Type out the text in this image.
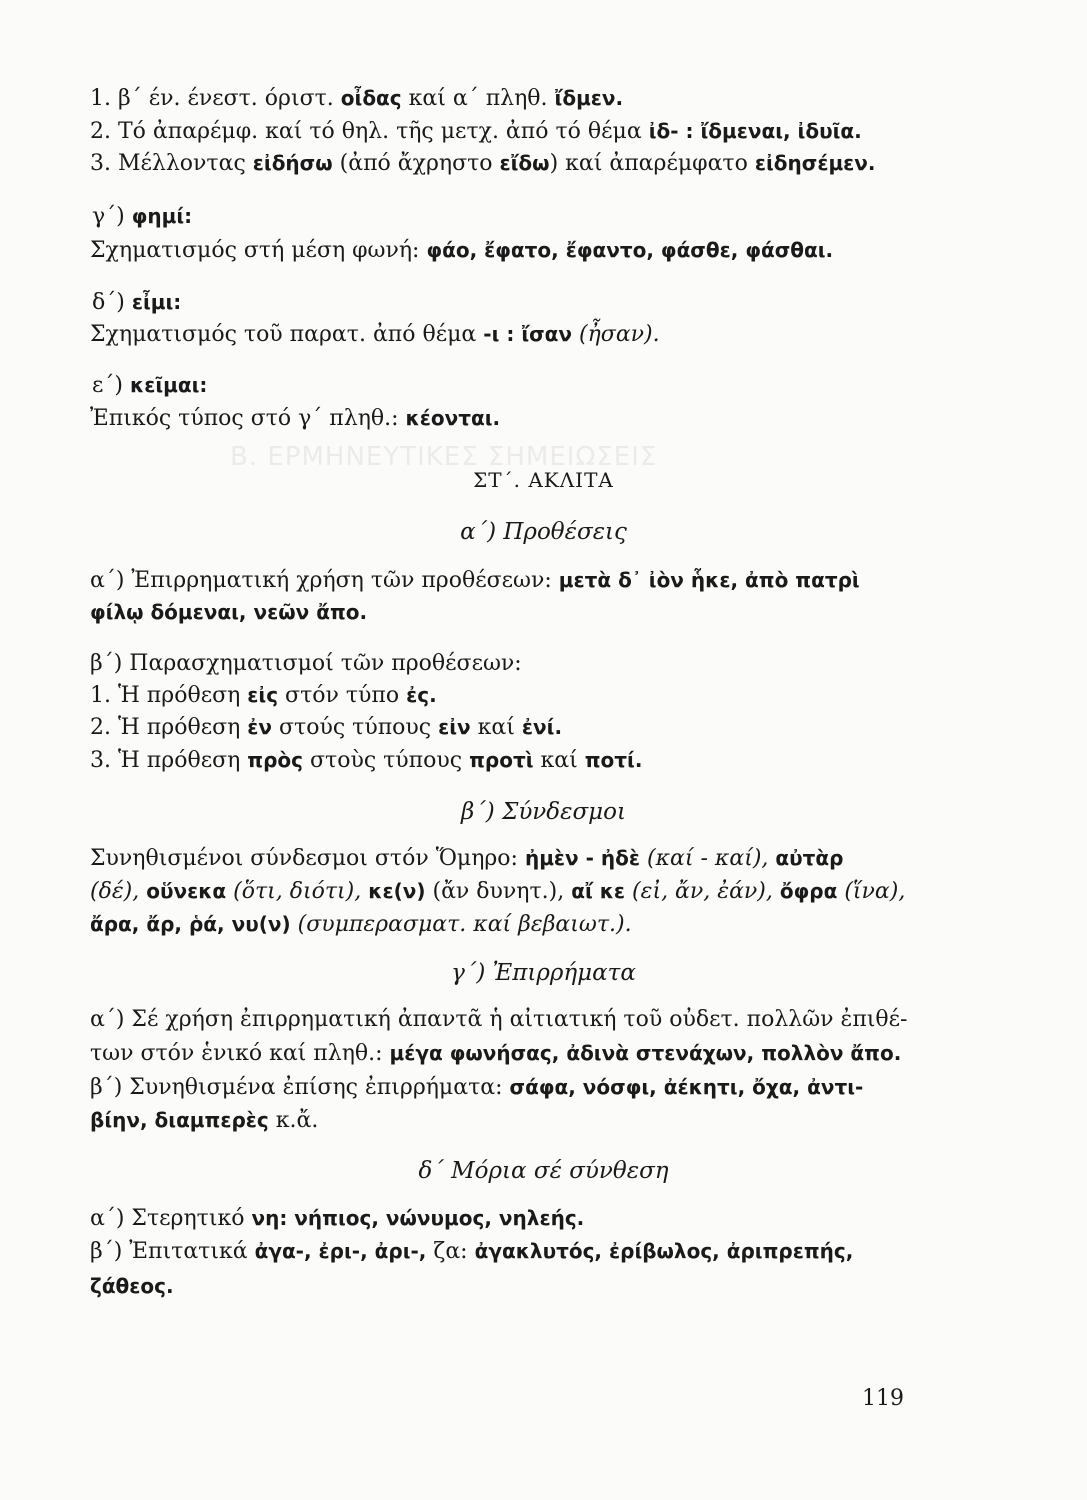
Β. ΕΡΜΗΝΕΥΤΙΚΕΣ ΣΗΜΕΙΩΣΕΙΣ
1. β΄ έν. ένεστ. όριστ. οἶδας καί α΄ πληθ. ἴδμεν.
2. Τό ἀπαρέμφ. καί τό θηλ. τῆς μετχ. ἀπό τό θέμα ἰδ- : ἴδμεναι, ἰδυῖα.
3. Μέλλοντας εἰδήσω (ἀπό ἄχρηστο εἴδω) καί ἀπαρέμφατο εἰδησέμεν.
γ΄) φημί:
Σχηματισμός στή μέση φωνή: φάο, ἔφατο, ἔφαντο, φάσθε, φάσθαι.
δ΄) εἶμι:
Σχηματισμός τοῦ παρατ. ἀπό θέμα -ι : ἴσαν (ἦσαν).
ε΄) κεῖμαι:
Ἐπικός τύπος στό γ΄ πληθ.: κέονται.
ΣΤ΄. ΑΚΛΙΤΑ
α΄) Προθέσεις
α΄) Ἐπιρρηματική χρήση τῶν προθέσεων: μετὰ δ᾽ ἰὸν ἧκε, ἀπὸ πατρὶ
φίλῳ δόμεναι, νεῶν ἄπο.
β΄) Παρασχηματισμοί τῶν προθέσεων:
1. Ἡ πρόθεση εἰς στόν τύπο ἐς.
2. Ἡ πρόθεση ἐν στούς τύπους εἰν καί ἐνί.
3. Ἡ πρόθεση πρὸς στοὺς τύπους προτὶ καί ποτί.
β΄) Σύνδεσμοι
Συνηθισμένοι σύνδεσμοι στόν Ὅμηρο: ἠμὲν - ἠδὲ (καί - καί), αὐτὰρ
(δέ), οὕνεκα (ὅτι, διότι), κε(ν) (ἄν δυνητ.), αἴ κε (εἰ, ἄν, ἐάν), ὄφρα (ἵνα),
ἄρα, ἄρ, ῥά, νυ(ν) (συμπερασματ. καί βεβαιωτ.).
γ΄) Ἐπιρρήματα
α΄) Σέ χρήση ἐπιρρηματική ἀπαντᾶ ἡ αἰτιατική τοῦ οὐδετ. πολλῶν ἐπιθέ-
των στόν ἑνικό καί πληθ.: μέγα φωνήσας, ἀδινὰ στενάχων, πολλὸν ἄπο.
β΄) Συνηθισμένα ἐπίσης ἐπιρρήματα: σάφα, νόσφι, ἀέκητι, ὄχα, ἀντι-
βίην, διαμπερὲς κ.ἄ.
δ΄ Μόρια σέ σύνθεση
α΄) Στερητικό νη: νήπιος, νώνυμος, νηλεής.
β΄) Ἐπιτατικά ἀγα-, ἐρι-, ἀρι-, ζα: ἀγακλυτός, ἐρίβωλος, ἀριπρεπής,
ζάθεος.
119
